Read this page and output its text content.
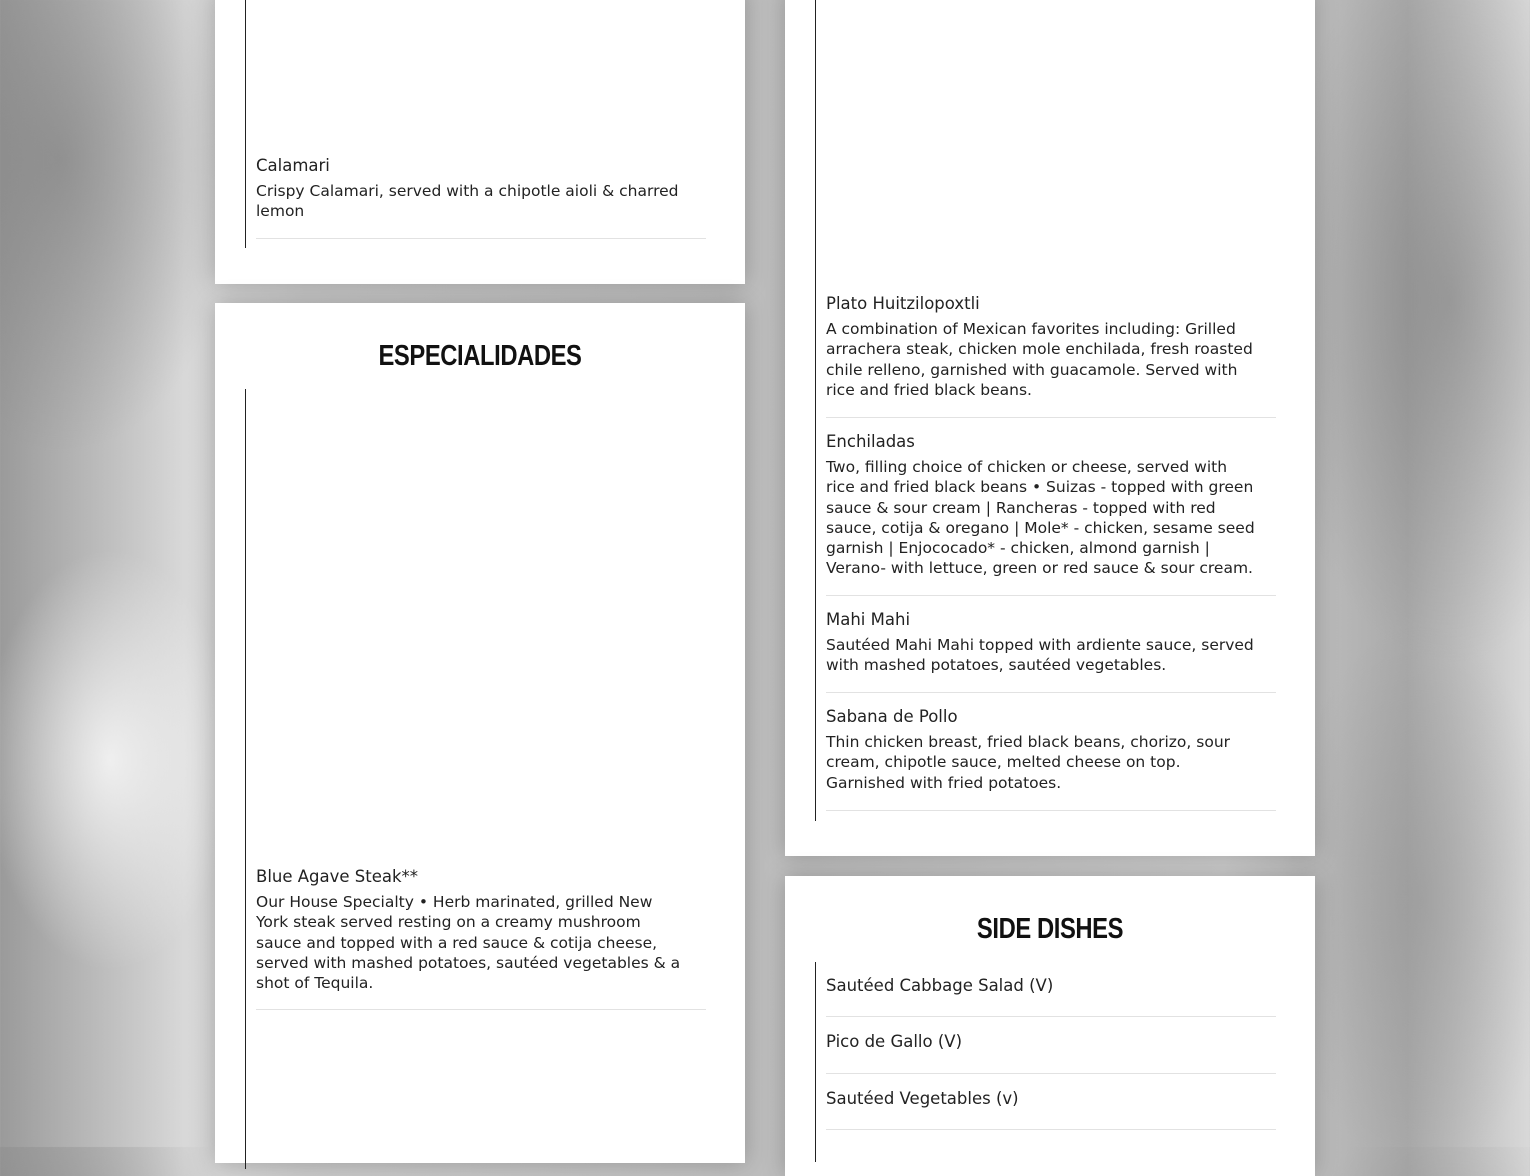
Calamari
Crispy Calamari, served with a chipotle aioli & charred lemon
ESPECIALIDADES
Blue Agave Steak**
Our House Specialty • Herb marinated, grilled New York steak served resting on a creamy mushroom sauce and topped with a red sauce & cotija cheese, served with mashed potatoes, sautéed vegetables & a shot of Tequila.
Plato Huitzilopoxtli
A combination of Mexican favorites including: Grilled arrachera steak, chicken mole enchilada, fresh roasted chile relleno, garnished with guacamole. Served with rice and fried black beans.
Enchiladas
Two, filling choice of chicken or cheese, served with rice and fried black beans • Suizas - topped with green sauce & sour cream | Rancheras - topped with red sauce, cotija & oregano | Mole* - chicken, sesame seed garnish | Enjococado* - chicken, almond garnish | Verano- with lettuce, green or red sauce & sour cream.
Mahi Mahi
Sautéed Mahi Mahi topped with ardiente sauce, served with mashed potatoes, sautéed vegetables.
Sabana de Pollo
Thin chicken breast, fried black beans, chorizo, sour cream, chipotle sauce, melted cheese on top. Garnished with fried potatoes.
SIDE DISHES
Sautéed Cabbage Salad (V)
Pico de Gallo (V)
Sautéed Vegetables (v)
